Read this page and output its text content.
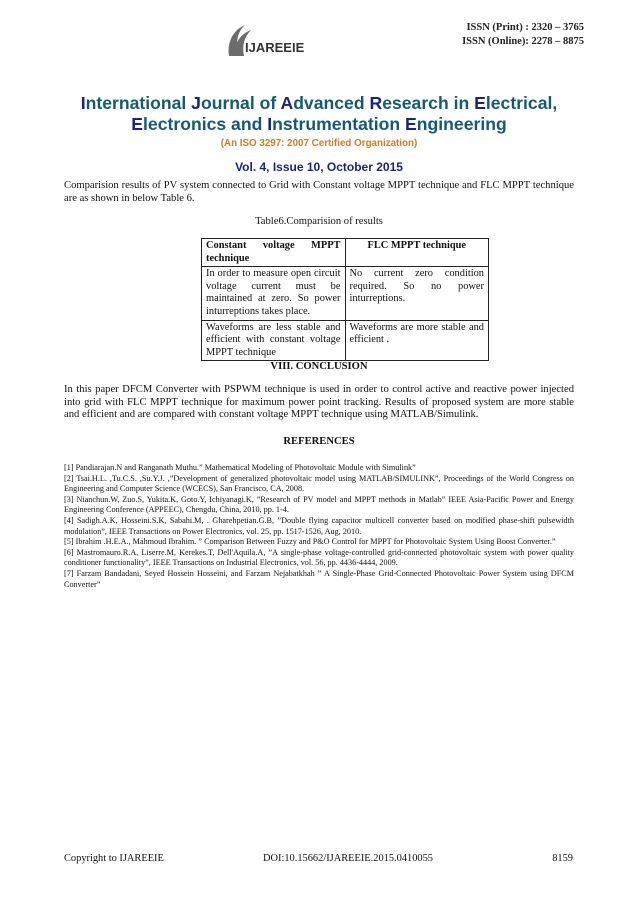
IJAREEIE
ISSN (Print) : 2320 – 3765
ISSN (Online): 2278 – 8875
International Journal of Advanced Research in Electrical,
Electronics and Instrumentation Engineering
(An ISO 3297: 2007 Certified Organization)
Vol. 4, Issue 10, October 2015
Comparision results of PV system connected to Grid with Constant voltage MPPT technique and FLC MPPT technique are as shown in below Table 6.
Table6.Comparision of results
Constant voltage MPPT technique	FLC MPPT technique
In order to measure open circuit voltage current must be maintained at zero. So power inturreptions takes place.	No current zero condition required. So no power inturreptions.
Waveforms are less stable and efficient with constant voltage MPPT technique	Waveforms are more stable and efficient .
VIII. CONCLUSION
In this paper DFCM Converter with PSPWM technique is used in order to control active and reactive power injected into grid with FLC MPPT technique for maximum power point tracking. Results of proposed system are more stable and efficient and are compared with constant voltage MPPT technique using MATLAB/Simulink.
REFERENCES

[1] Pandiarajan.N and Ranganath Muthu.” Mathematical Modeling of Photovoltaic Module with Simulink”

[2] Tsai.H.L. ,Tu.C.S. ,Su.Y.J. ,”Development of generalized photovoltaic model using MATLAB/SIMULINK”, Proceedings of the World Congress on Engineering and Computer Science (WCECS), San Francisco, CA, 2008.

[3] Nianchun.W, Zuo.S, Yukita.K, Goto.Y, Ichiyanagi.K, ”Research of PV model and MPPT methods in Matlab” IEEE Asia-Pacific Power and Energy Engineering Conference (APPEEC), Chengdu, China, 2010, pp. 1-4.

[4] Sadigh.A.K, Hosseini.S.K, Sabahi.M, . Gharehpetian.G.B, ”Double flying capacitor multicell converter based on modified phase-shift pulsewidth modulation”, IEEE Transactions on Power Electronics, vol. 25, pp. 1517-1526, Aug, 2010.

[5] Ibrahim .H.E.A., Mahmoud Ibrahim. ” Comparison Between Fuzzy and P&O Control for MPPT for Photovoltaic System Using Boost Converter.”

[6] Mastromauro.R.A, Liserre.M, Kerekes.T, Dell'Aquila.A, ”A single-phase voltage-controlled grid-connected photovoltaic system with power quality conditioner functionality”, IEEE Transactions on Industrial Electronics, vol. 56, pp. 4436-4444, 2009.

[7] Farzam Bandadani, Seyed Hossein Hosseini, and Farzam Nejabatkhah ” A Single-Phase Grid-Connected Photovoltaic Power System using DFCM Converter”

Copyright to IJAREEIE	DOI:10.15662/IJAREEIE.2015.0410055	8159
